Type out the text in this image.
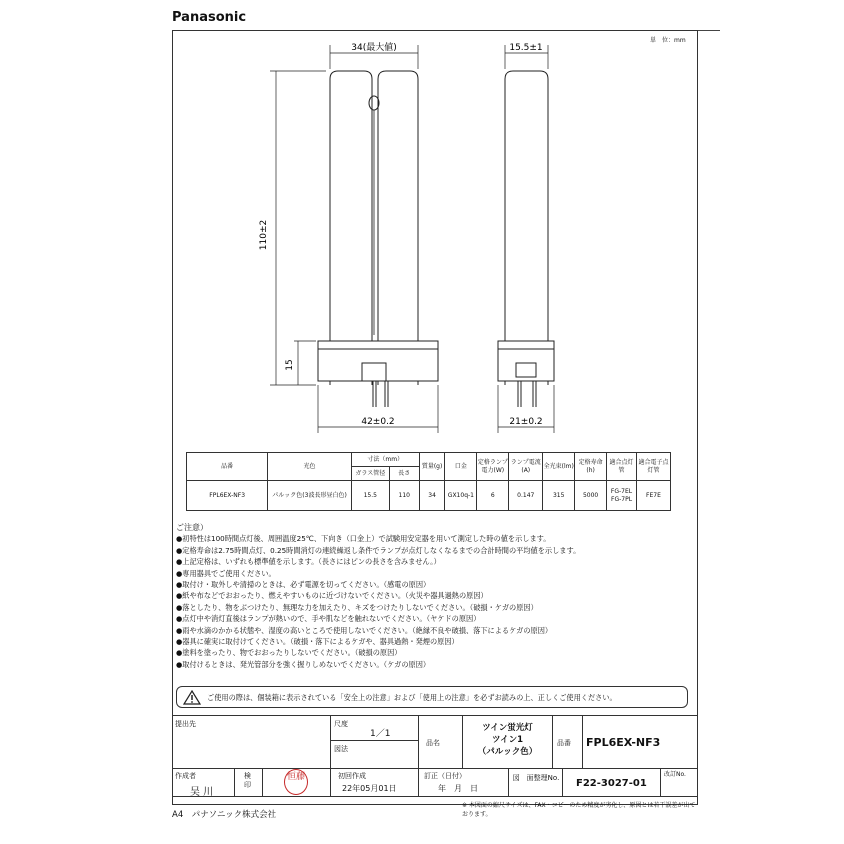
Panasonic
単　位：mm
34(最大値)	15.5±1
110±2
15
42±0.2	21±0.2
品番	光色	寸法（mm）		質量(g)	口金	定格ランプ電力(W)	ランプ電流(A)	全光束(lm)	定格寿命(h)	適合点灯管	適合電子点灯管
		ガラス管径	長さ								
FPL6EX-NF3	パルック色(3波長形昼白色)	15.5	110	34	GX10q-1	6	0.147	315	5000	FG-7EL FG-7PL	FE7E
ご注意）
●初特性は100時間点灯後、周囲温度25℃、下向き（口金上）で試験用安定器を用いて測定した時の値を示します。
●定格寿命は2.75時間点灯、0.25時間消灯の連続繰返し条件でランプが点灯しなくなるまでの合計時間の平均値を示します。
●上記定格は、いずれも標準値を示します。（長さにはピンの長さを含みません。）
●専用器具でご使用ください。
●取付け・取外しや清掃のときは、必ず電源を切ってください。（感電の原因）
●紙や布などでおおったり、燃えやすいものに近づけないでください。（火災や器具過熱の原因）
●落としたり、物をぶつけたり、無理な力を加えたり、キズをつけたりしないでください。（破損・ケガの原因）
●点灯中や消灯直後はランプが熱いので、手や肌などを触れないでください。（ヤケドの原因）
●雨や水滴のかかる状態や、湿度の高いところで使用しないでください。（絶縁不良や破損、落下によるケガの原因）
●器具に確実に取付けてください。（破損・落下によるケガや、器具過熱・発煙の原因）
●塗料を塗ったり、物でおおったりしないでください。（破損の原因）
●取付けるときは、発光管部分を強く握りしめないでください。（ケガの原因）
ご使用の際は、個装箱に表示されている「安全上の注意」および「使用上の注意」を必ずお読みの上、正しくご使用ください。
提出先	尺度
1／1
図法
品名
ツイン蛍光灯
ツイン1
（パルック色）
品番 FPL6EX-NF3
作成者
吴 川
検印
恒藤	初回作成
22年05月01日
訂正（日付）
年　月　日
図　面整理No. F22-3027-01
改訂No.
A4　パナソニック株式会社
※ 本図面の縮尺サイズは、FAX・コピーのため精度が劣化し、原図とは若干誤差が出ております。
